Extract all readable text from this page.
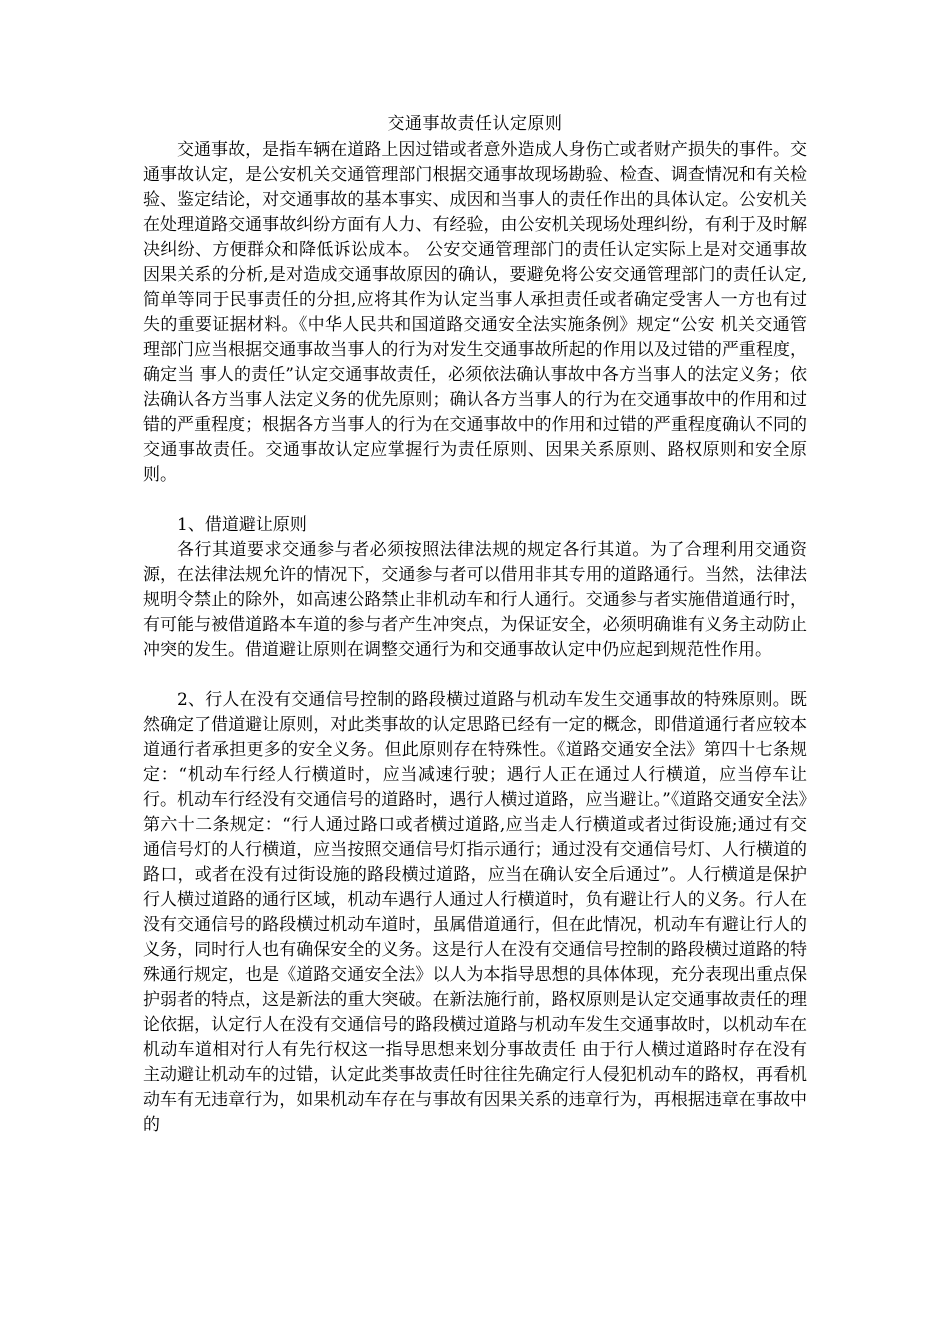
交通事故责任认定原则

交通事故，是指车辆在道路上因过错或者意外造成人身伤亡或者财产损失的事件。交通事故认定，是公安机关交通管理部门根据交通事故现场勘验、检查、调查情况和有关检验、鉴定结论，对交通事故的基本事实、成因和当事人的责任作出的具体认定。公安机关在处理道路交通事故纠纷方面有人力、有经验，由公安机关现场处理纠纷，有利于及时解决纠纷、方便群众和降低诉讼成本。 公安交通管理部门的责任认定实际上是对交通事故因果关系的分析,是对造成交通事故原因的确认，要避免将公安交通管理部门的责任认定,简单等同于民事责任的分担,应将其作为认定当事人承担责任或者确定受害人一方也有过失的重要证据材料。《中华人民共和国道路交通安全法实施条例》规定“公安 机关交通管理部门应当根据交通事故当事人的行为对发生交通事故所起的作用以及过错的严重程度，确定当 事人的责任”认定交通事故责任，必须依法确认事故中各方当事人的法定义务；依法确认各方当事人法定义务的优先原则；确认各方当事人的行为在交通事故中的作用和过错的严重程度；根据各方当事人的行为在交通事故中的作用和过错的严重程度确认不同的交通事故责任。交通事故认定应掌握行为责任原则、因果关系原则、路权原则和安全原则。

1、借道避让原则

各行其道要求交通参与者必须按照法律法规的规定各行其道。为了合理利用交通资源，在法律法规允许的情况下，交通参与者可以借用非其专用的道路通行。当然，法律法规明令禁止的除外，如高速公路禁止非机动车和行人通行。交通参与者实施借道通行时，有可能与被借道路本车道的参与者产生冲突点，为保证安全，必须明确谁有义务主动防止冲突的发生。借道避让原则在调整交通行为和交通事故认定中仍应起到规范性作用。

2、行人在没有交通信号控制的路段横过道路与机动车发生交通事故的特殊原则。既然确定了借道避让原则，对此类事故的认定思路已经有一定的概念，即借道通行者应较本道通行者承担更多的安全义务。但此原则存在特殊性。《道路交通安全法》第四十七条规定：“机动车行经人行横道时，应当减速行驶；遇行人正在通过人行横道，应当停车让行。机动车行经没有交通信号的道路时，遇行人横过道路，应当避让。”《道路交通安全法》第六十二条规定：“行人通过路口或者横过道路,应当走人行横道或者过街设施;通过有交通信号灯的人行横道，应当按照交通信号灯指示通行；通过没有交通信号灯、人行横道的路口，或者在没有过街设施的路段横过道路，应当在确认安全后通过”。人行横道是保护行人横过道路的通行区域，机动车遇行人通过人行横道时，负有避让行人的义务。行人在没有交通信号的路段横过机动车道时，虽属借道通行，但在此情况，机动车有避让行人的义务，同时行人也有确保安全的义务。这是行人在没有交通信号控制的路段横过道路的特殊通行规定，也是《道路交通安全法》以人为本指导思想的具体体现，充分表现出重点保护弱者的特点，这是新法的重大突破。在新法施行前，路权原则是认定交通事故责任的理论依据，认定行人在没有交通信号的路段横过道路与机动车发生交通事故时，以机动车在机动车道相对行人有先行权这一指导思想来划分事故责任 由于行人横过道路时存在没有主动避让机动车的过错，认定此类事故责任时往往先确定行人侵犯机动车的路权，再看机动车有无违章行为，如果机动车存在与事故有因果关系的违章行为，再根据违章在事故中的
